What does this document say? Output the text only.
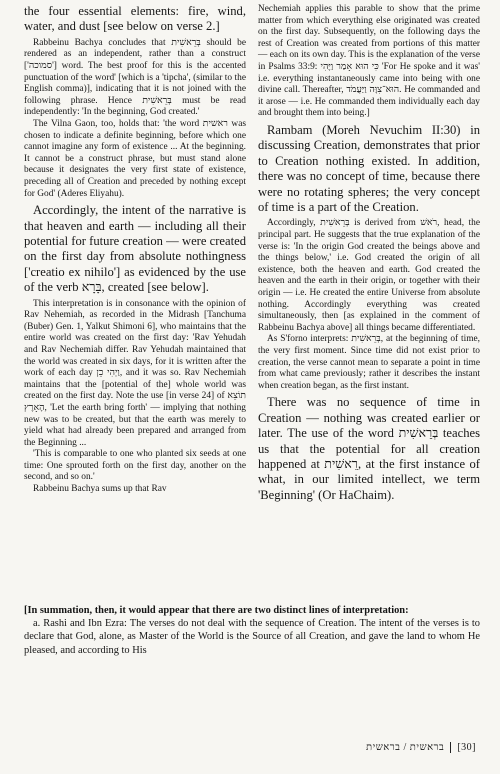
the four essential elements: fire, wind, water, and dust [see below on verse 2.]

Rabbeinu Bachya concludes that בְּרֵאשִׁית should be rendered as an independent, rather than a construct ['סמוכה'] word. The best proof for this is the accented punctuation of the word' [which is a 'tipcha', (similar to the English comma)], indicating that it is not joined with the following phrase. Hence בְּרֵאשִׁית must be read independently: 'In the beginning, God created.'

The Vilna Gaon, too, holds that: 'the word ראשית was chosen to indicate a definite beginning, before which one cannot imagine any form of existence ... At the beginning. It cannot be a construct phrase, but must stand alone because it designates the very first state of existence, preceding all of Creation and preceded by nothing except for God' (Aderes Eliyahu).

Accordingly, the intent of the narrative is that heaven and earth — including all their potential for future creation — were created on the first day from absolute nothingness ['creatio ex nihilo'] as evidenced by the use of the verb בָּרָא, created [see below].

This interpretation is in consonance with the opinion of Rav Nehemiah, as recorded in the Midrash [Tanchuma (Buber) Gen. 1, Yalkut Shimoni 6], who maintains that the entire world was created on the first day: 'Rav Yehudah and Rav Nechemiah differ. Rav Yehudah maintained that the world was created in six days, for it is written after the work of each day וַיְהִי כֵן, and it was so. Rav Nechemiah maintains that the [potential of the] whole world was created on the first day. Note the use [in verse 24] of תוֹצֵא הָאָרֶץ, 'Let the earth bring forth' — implying that nothing new was to be created, but that the earth was merely to yield what had already been prepared and arranged from the Beginning ...

'This is comparable to one who planted six seeds at one time: One sprouted forth on the first day, another on the second, and so on.'

Rabbeinu Bachya sums up that Rav

Nechemiah applies this parable to show that the prime matter from which everything else originated was created on the first day. Subsequently, on the following days the rest of Creation was created from portions of this matter — each on its own day. This is the explanation of the verse in Psalms 33:9: כִּי הוּא אָמַר וַיֶּהִי 'For He spoke and it was' i.e. everything instantaneously came into being with one divine call. Thereafter, הוּא־צִוָּה וַיַּעֲמֹד. He commanded and it arose — i.e. He commanded them individually each day and brought them into being.]

Rambam (Moreh Nevuchim II:30) in discussing Creation, demonstrates that prior to Creation nothing existed. In addition, there was no concept of time, because there were no rotating spheres; the very concept of time is a part of the Creation.

Accordingly, בְּרֵאשִׁית is derived from רֹאשׁ, head, the principal part. He suggests that the true explanation of the verse is: 'In the origin God created the beings above and the things below,' i.e. God created the origin of all existence, both the heaven and earth. God created the heaven and the earth in their origin, or together with their origin — i.e. He created the entire Universe from absolute nothing. Accordingly everything was created simultaneously, then [as explained in the comment of Rabbeinu Bachya above] all things became differentiated.

As S'forno interprets: בְּרֵאשִׁית, at the beginning of time, the very first moment. Since time did not exist prior to creation, the verse cannot mean to separate a point in time from what came previously; rather it describes the instant when creation began, as the first instant.

There was no sequence of time in Creation — nothing was created earlier or later. The use of the word בְּרֵאשִׁית teaches us that the potential for all creation happened at רֵאשִׁית, at the first instance of what, in our limited intellect, we term 'Beginning' (Or HaChaim).

[In summation, then, it would appear that there are two distinct lines of interpretation:

a. Rashi and Ibn Ezra: The verses do not deal with the sequence of Creation. The intent of the verses is to declare that God, alone, as Master of the World is the Source of all Creation, and gave the land to whom He pleased, and according to His

בראשית / בראשית [30]
